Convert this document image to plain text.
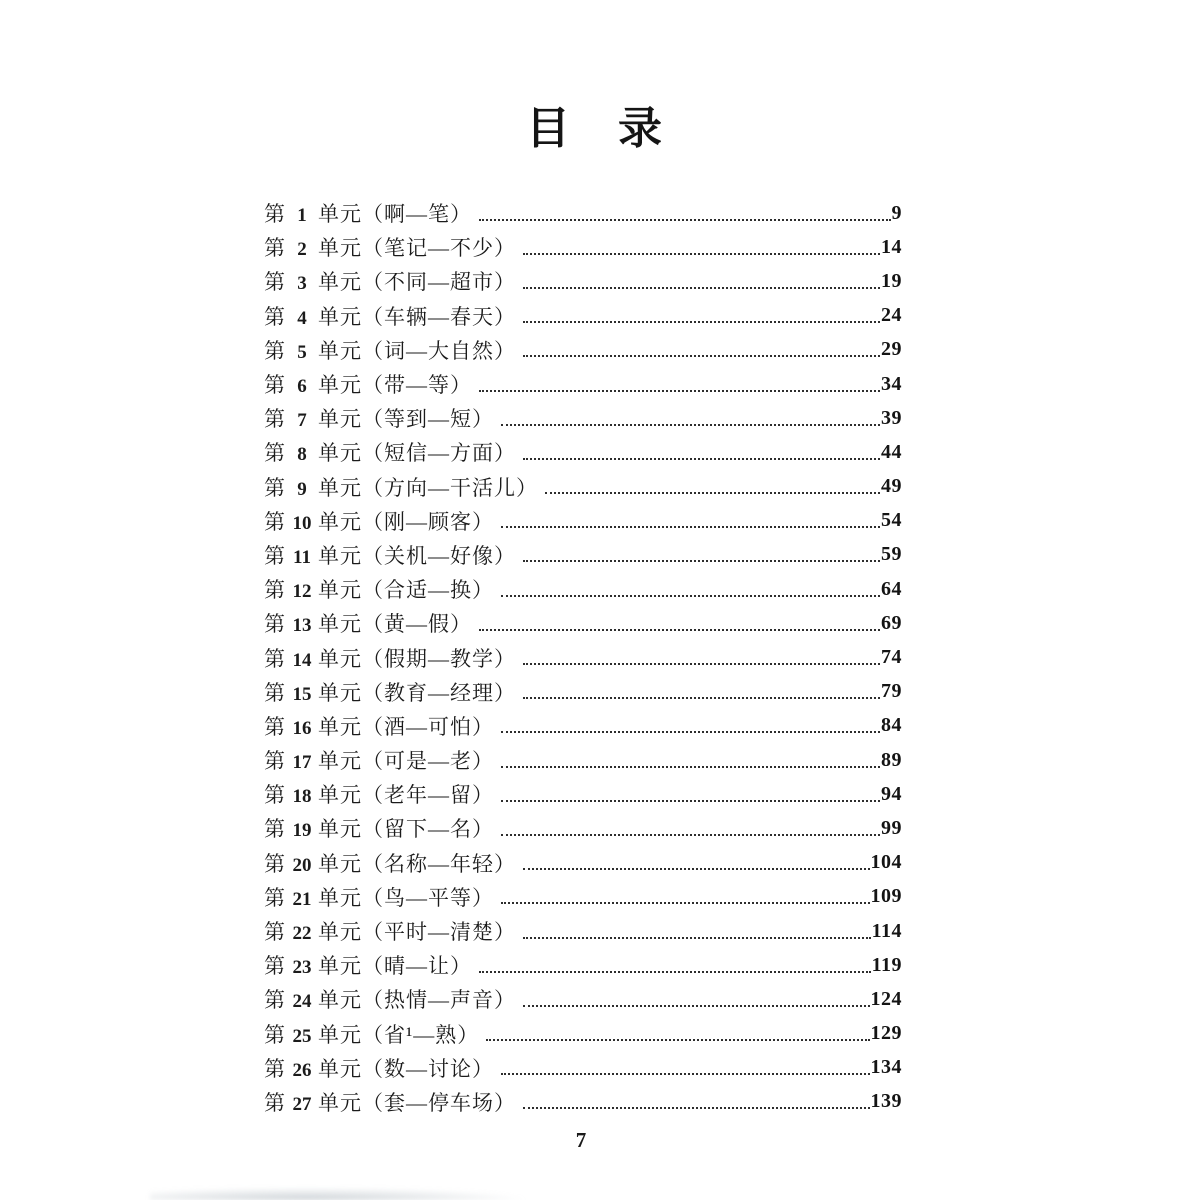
目　录
第 1 单元 （啊—笔）	9
第 2 单元 （笔记—不少）	14
第 3 单元 （不同—超市）	19
第 4 单元 （车辆—春天）	24
第 5 单元 （词—大自然）	29
第 6 单元 （带—等）	34
第 7 单元 （等到—短）	39
第 8 单元 （短信—方面）	44
第 9 单元 （方向—干活儿）	49
第 10 单元 （刚—顾客）	54
第 11 单元 （关机—好像）	59
第 12 单元 （合适—换）	64
第 13 单元 （黄—假）	69
第 14 单元 （假期—教学）	74
第 15 单元 （教育—经理）	79
第 16 单元 （酒—可怕）	84
第 17 单元 （可是—老）	89
第 18 单元 （老年—留）	94
第 19 单元 （留下—名）	99
第 20 单元 （名称—年轻）	104
第 21 单元 （鸟—平等）	109
第 22 单元 （平时—清楚）	114
第 23 单元 （晴—让）	119
第 24 单元 （热情—声音）	124
第 25 单元 （省¹—熟）	129
第 26 单元 （数—讨论）	134
第 27 单元 （套—停车场）	139
7
